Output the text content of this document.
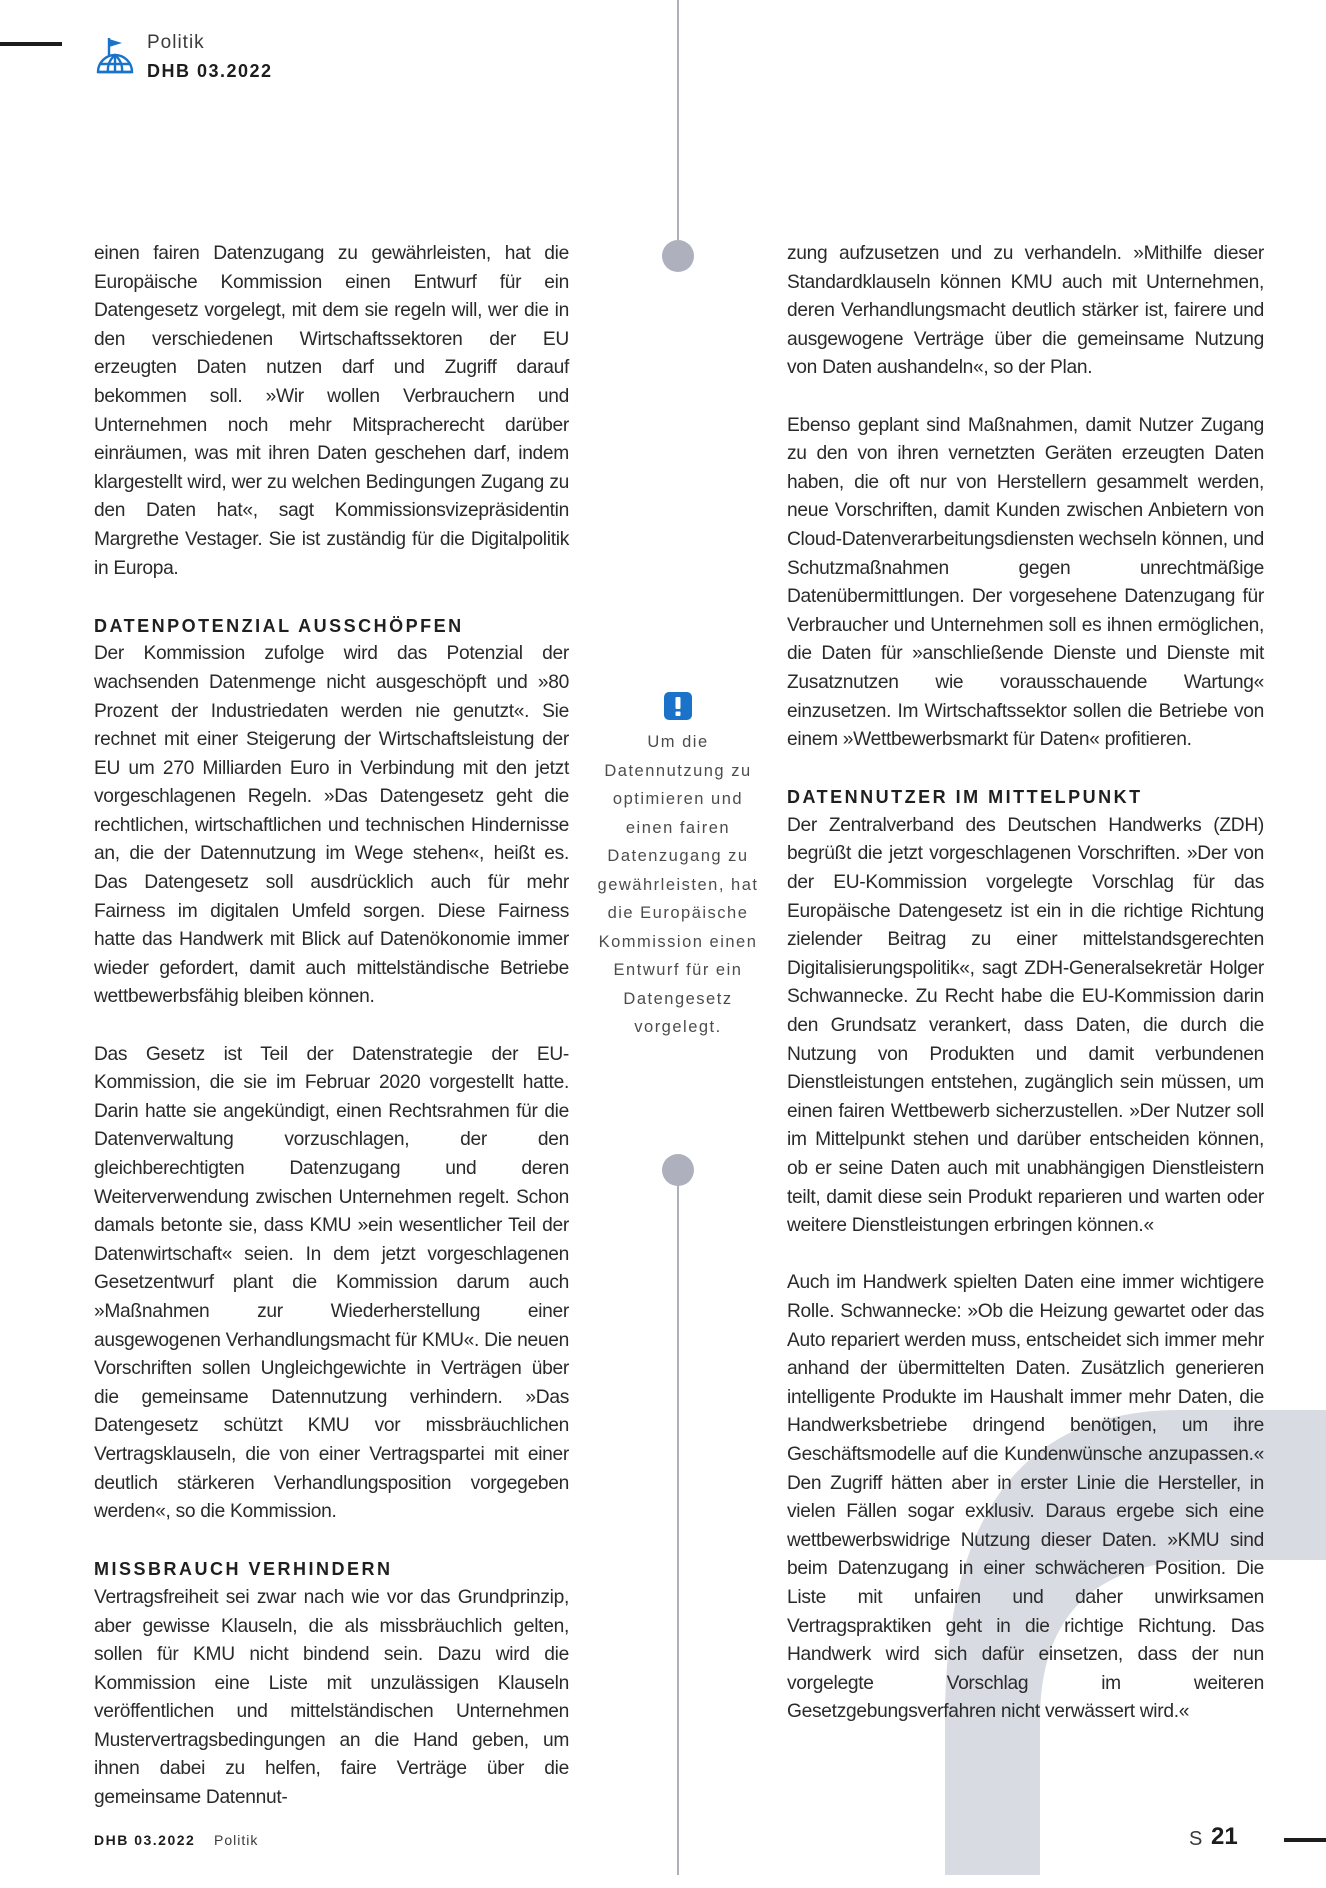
Politik
DHB 03.2022

einen fairen Datenzugang zu gewährleisten, hat die Europäische Kommission einen Entwurf für ein Datengesetz vorgelegt, mit dem sie regeln will, wer die in den verschiedenen Wirtschaftssektoren der EU erzeugten Daten nutzen darf und Zugriff darauf bekommen soll. »Wir wollen Verbrauchern und Unternehmen noch mehr Mitspracherecht darüber einräumen, was mit ihren Daten geschehen darf, indem klargestellt wird, wer zu welchen Bedingungen Zugang zu den Daten hat«, sagt Kommissionsvizepräsidentin Margrethe Vestager. Sie ist zuständig für die Digitalpolitik in Europa.

DATENPOTENZIAL AUSSCHÖPFEN

Der Kommission zufolge wird das Potenzial der wachsenden Datenmenge nicht ausgeschöpft und »80 Prozent der Industriedaten werden nie genutzt«. Sie rechnet mit einer Steigerung der Wirtschaftsleistung der EU um 270 Milliarden Euro in Verbindung mit den jetzt vorgeschlagenen Regeln. »Das Datengesetz geht die rechtlichen, wirtschaftlichen und technischen Hindernisse an, die der Datennutzung im Wege stehen«, heißt es. Das Datengesetz soll ausdrücklich auch für mehr Fairness im digitalen Umfeld sorgen. Diese Fairness hatte das Handwerk mit Blick auf Datenökonomie immer wieder gefordert, damit auch mittelständische Betriebe wettbewerbsfähig bleiben können.

Das Gesetz ist Teil der Datenstrategie der EU-Kommission, die sie im Februar 2020 vorgestellt hatte. Darin hatte sie angekündigt, einen Rechtsrahmen für die Datenverwaltung vorzuschlagen, der den gleichberechtigten Datenzugang und deren Weiterverwendung zwischen Unternehmen regelt. Schon damals betonte sie, dass KMU »ein wesentlicher Teil der Datenwirtschaft« seien. In dem jetzt vorgeschlagenen Gesetzentwurf plant die Kommission darum auch »Maßnahmen zur Wiederherstellung einer ausgewogenen Verhandlungsmacht für KMU«. Die neuen Vorschriften sollen Ungleichgewichte in Verträgen über die gemeinsame Datennutzung verhindern. »Das Datengesetz schützt KMU vor missbräuchlichen Vertragsklauseln, die von einer Vertragspartei mit einer deutlich stärkeren Verhandlungsposition vorgegeben werden«, so die Kommission.

MISSBRAUCH VERHINDERN

Vertragsfreiheit sei zwar nach wie vor das Grundprinzip, aber gewisse Klauseln, die als missbräuchlich gelten, sollen für KMU nicht bindend sein. Dazu wird die Kommission eine Liste mit unzulässigen Klauseln veröffentlichen und mittelständischen Unternehmen Mustervertragsbedingungen an die Hand geben, um ihnen dabei zu helfen, faire Verträge über die gemeinsame Datennut-

Um die Datennutzung zu optimieren und einen fairen Datenzugang zu gewährleisten, hat die Europäische Kommission einen Entwurf für ein Datengesetz vorgelegt.

zung aufzusetzen und zu verhandeln. »Mithilfe dieser Standardklauseln können KMU auch mit Unternehmen, deren Verhandlungsmacht deutlich stärker ist, fairere und ausgewogene Verträge über die gemeinsame Nutzung von Daten aushandeln«, so der Plan.

Ebenso geplant sind Maßnahmen, damit Nutzer Zugang zu den von ihren vernetzten Geräten erzeugten Daten haben, die oft nur von Herstellern gesammelt werden, neue Vorschriften, damit Kunden zwischen Anbietern von Cloud-Datenverarbeitungsdiensten wechseln können, und Schutzmaßnahmen gegen unrechtmäßige Datenübermittlungen. Der vorgesehene Datenzugang für Verbraucher und Unternehmen soll es ihnen ermöglichen, die Daten für »anschließende Dienste und Dienste mit Zusatznutzen wie vorausschauende Wartung« einzusetzen. Im Wirtschaftssektor sollen die Betriebe von einem »Wettbewerbsmarkt für Daten« profitieren.

DATENNUTZER IM MITTELPUNKT

Der Zentralverband des Deutschen Handwerks (ZDH) begrüßt die jetzt vorgeschlagenen Vorschriften. »Der von der EU-Kommission vorgelegte Vorschlag für das Europäische Datengesetz ist ein in die richtige Richtung zielender Beitrag zu einer mittelstandsgerechten Digitalisierungspolitik«, sagt ZDH-Generalsekretär Holger Schwannecke. Zu Recht habe die EU-Kommission darin den Grundsatz verankert, dass Daten, die durch die Nutzung von Produkten und damit verbundenen Dienstleistungen entstehen, zugänglich sein müssen, um einen fairen Wettbewerb sicherzustellen. »Der Nutzer soll im Mittelpunkt stehen und darüber entscheiden können, ob er seine Daten auch mit unabhängigen Dienstleistern teilt, damit diese sein Produkt reparieren und warten oder weitere Dienstleistungen erbringen können.«

Auch im Handwerk spielten Daten eine immer wichtigere Rolle. Schwannecke: »Ob die Heizung gewartet oder das Auto repariert werden muss, entscheidet sich immer mehr anhand der übermittelten Daten. Zusätzlich generieren intelligente Produkte im Haushalt immer mehr Daten, die Handwerksbetriebe dringend benötigen, um ihre Geschäftsmodelle auf die Kundenwünsche anzupassen.« Den Zugriff hätten aber in erster Linie die Hersteller, in vielen Fällen sogar exklusiv. Daraus ergebe sich eine wettbewerbswidrige Nutzung dieser Daten. »KMU sind beim Datenzugang in einer schwächeren Position. Die Liste mit unfairen und daher unwirksamen Vertragspraktiken geht in die richtige Richtung. Das Handwerk wird sich dafür einsetzen, dass der nun vorgelegte Vorschlag im weiteren Gesetzgebungsverfahren nicht verwässert wird.«

DHB 03.2022 Politik	S 21
